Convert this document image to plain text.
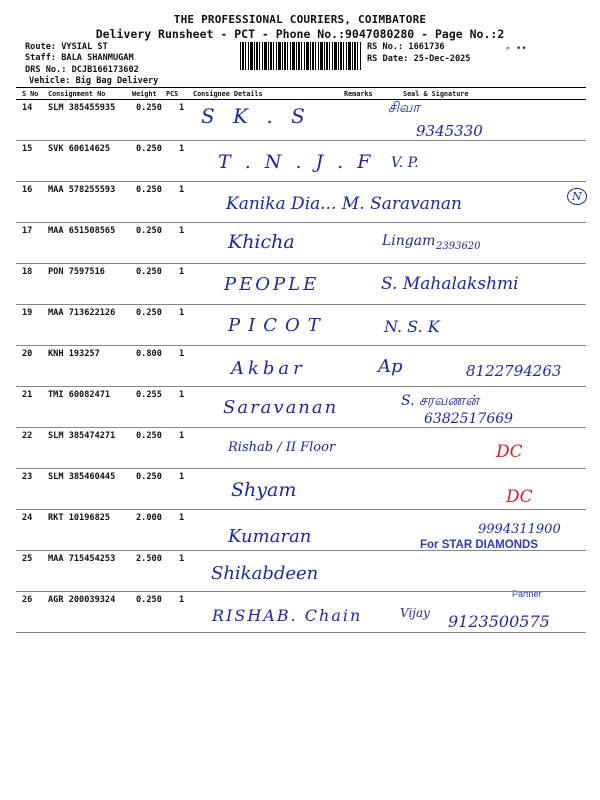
THE PROFESSIONAL COURIERS, COIMBATORE
Delivery Runsheet - PCT - Phone No.:9047080280 - Page No.:2
Route: VYSIAL ST
Staff: BALA SHANMUGAM
DRS No.: DCJB166173602
Vehicle: Big Bag Delivery
RS No.: 1661736
RS Date: 25-Dec-2025
∘ ••
S No Consignment No	Weight PCS Consignee Details	Remarks	Seal & Signature
14 SLM 385455935 0.250 1 S K . S	சிவா
9345330
15 SVK 60614625	0.250 1
T . N . J . F V. P.
16 MAA 578255593 0.250 1
Kanika Dia... M. Saravanan	N
17 MAA 651508565 0.250 1 Khicha	Lingam 2393620
18 PON 7597516	0.250 1
PEOPLE	S. Mahalakshmi
19 MAA 713622126 0.250 1
PICOT	N. S. K
20 KNH 193257	0.800 1
Akbar	Ap	8122794263
21 TMI 60082471	0.255 1
Saravanan	S. சரவணன்
6382517669
22 SLM 385474271 0.250 1
Rishab / II Floor	DC
23 SLM 385460445 0.250 1
Shyam	DC
24 RKT 10196825	2.000 1
Kumaran	9994311900
For STAR DIAMONDS
25 MAA 715454253 2.500 1
Shikabdeen
Partner
26 AGR 200039324 0.250 1
RISHAB. Chain	Vijay 9123500575
